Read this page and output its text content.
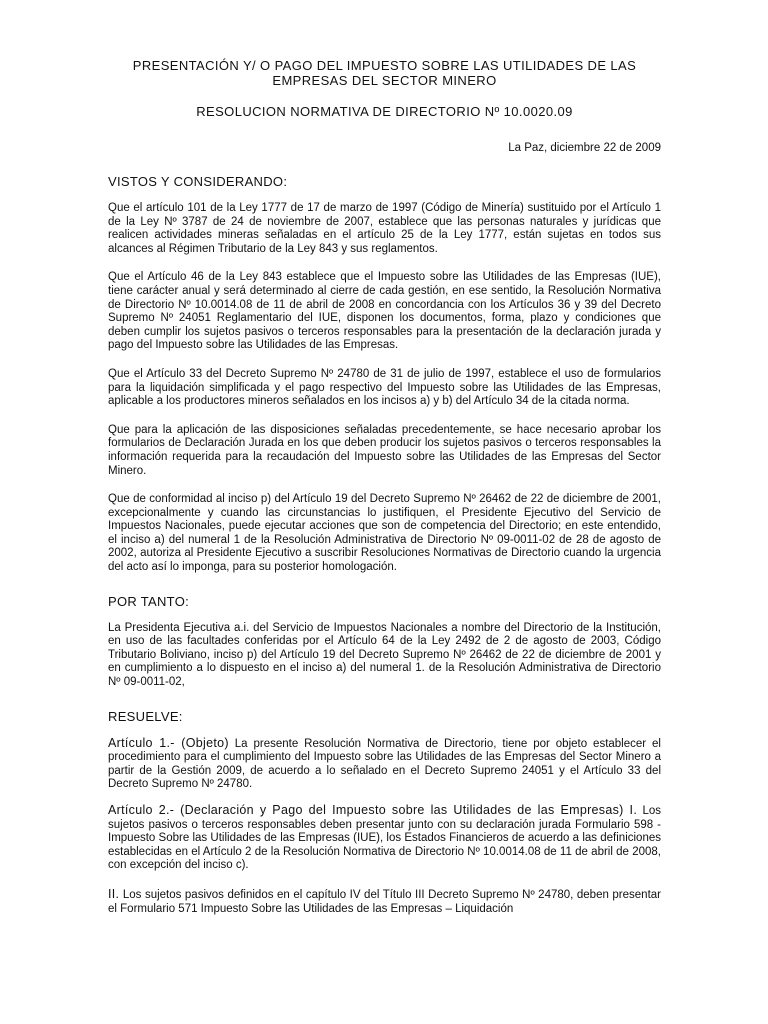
PRESENTACIÓN Y/ O PAGO DEL IMPUESTO SOBRE LAS UTILIDADES DE LAS EMPRESAS DEL SECTOR MINERO

RESOLUCION NORMATIVA DE DIRECTORIO Nº 10.0020.09

La Paz, diciembre 22 de 2009

VISTOS Y CONSIDERANDO:

Que el artículo 101 de la Ley 1777 de 17 de marzo de 1997 (Código de Minería) sustituido por el Artículo 1 de la Ley Nº 3787 de 24 de noviembre de 2007, establece que las personas naturales y jurídicas que realicen actividades mineras señaladas en el artículo 25 de la Ley 1777, están sujetas en todos sus alcances al Régimen Tributario de la Ley 843 y sus reglamentos.

Que el Artículo 46 de la Ley 843 establece que el Impuesto sobre las Utilidades de las Empresas (IUE), tiene carácter anual y será determinado al cierre de cada gestión, en ese sentido, la Resolución Normativa de Directorio Nº 10.0014.08 de 11 de abril de 2008 en concordancia con los Artículos 36 y 39 del Decreto Supremo Nº 24051 Reglamentario del IUE, disponen los documentos, forma, plazo y condiciones que deben cumplir los sujetos pasivos o terceros responsables para la presentación de la declaración jurada y pago del Impuesto sobre las Utilidades de las Empresas.

Que el Artículo 33 del Decreto Supremo Nº 24780 de 31 de julio de 1997, establece el uso de formularios para la liquidación simplificada y el pago respectivo del Impuesto sobre las Utilidades de las Empresas, aplicable a los productores mineros señalados en los incisos a) y b) del Artículo 34 de la citada norma.

Que para la aplicación de las disposiciones señaladas precedentemente, se hace necesario aprobar los formularios de Declaración Jurada en los que deben producir los sujetos pasivos o terceros responsables la información requerida para la recaudación del Impuesto sobre las Utilidades de las Empresas del Sector Minero.

Que de conformidad al inciso p) del Artículo 19 del Decreto Supremo Nº 26462 de 22 de diciembre de 2001, excepcionalmente y cuando las circunstancias lo justifiquen, el Presidente Ejecutivo del Servicio de Impuestos Nacionales, puede ejecutar acciones que son de competencia del Directorio; en este entendido, el inciso a) del numeral 1 de la Resolución Administrativa de Directorio Nº 09-0011-02 de 28 de agosto de 2002, autoriza al Presidente Ejecutivo a suscribir Resoluciones Normativas de Directorio cuando la urgencia del acto así lo imponga, para su posterior homologación.

POR TANTO:

La Presidenta Ejecutiva a.i. del Servicio de Impuestos Nacionales a nombre del Directorio de la Institución, en uso de las facultades conferidas por el Artículo 64 de la Ley 2492 de 2 de agosto de 2003, Código Tributario Boliviano, inciso p) del Artículo 19 del Decreto Supremo Nº 26462 de 22 de diciembre de 2001 y en cumplimiento a lo dispuesto en el inciso a) del numeral 1. de la Resolución Administrativa de Directorio Nº 09-0011-02,

RESUELVE:

Artículo 1.- (Objeto) La presente Resolución Normativa de Directorio, tiene por objeto establecer el procedimiento para el cumplimiento del Impuesto sobre las Utilidades de las Empresas del Sector Minero a partir de la Gestión 2009, de acuerdo a lo señalado en el Decreto Supremo 24051 y el Artículo 33 del Decreto Supremo Nº 24780.

Artículo 2.- (Declaración y Pago del Impuesto sobre las Utilidades de las Empresas) I. Los sujetos pasivos o terceros responsables deben presentar junto con su declaración jurada Formulario 598 - Impuesto Sobre las Utilidades de las Empresas (IUE), los Estados Financieros de acuerdo a las definiciones establecidas en el Artículo 2 de la Resolución Normativa de Directorio Nº 10.0014.08 de 11 de abril de 2008, con excepción del inciso c).

II. Los sujetos pasivos definidos en el capítulo IV del Título III Decreto Supremo Nº 24780, deben presentar el Formulario 571 Impuesto Sobre las Utilidades de las Empresas – Liquidación
